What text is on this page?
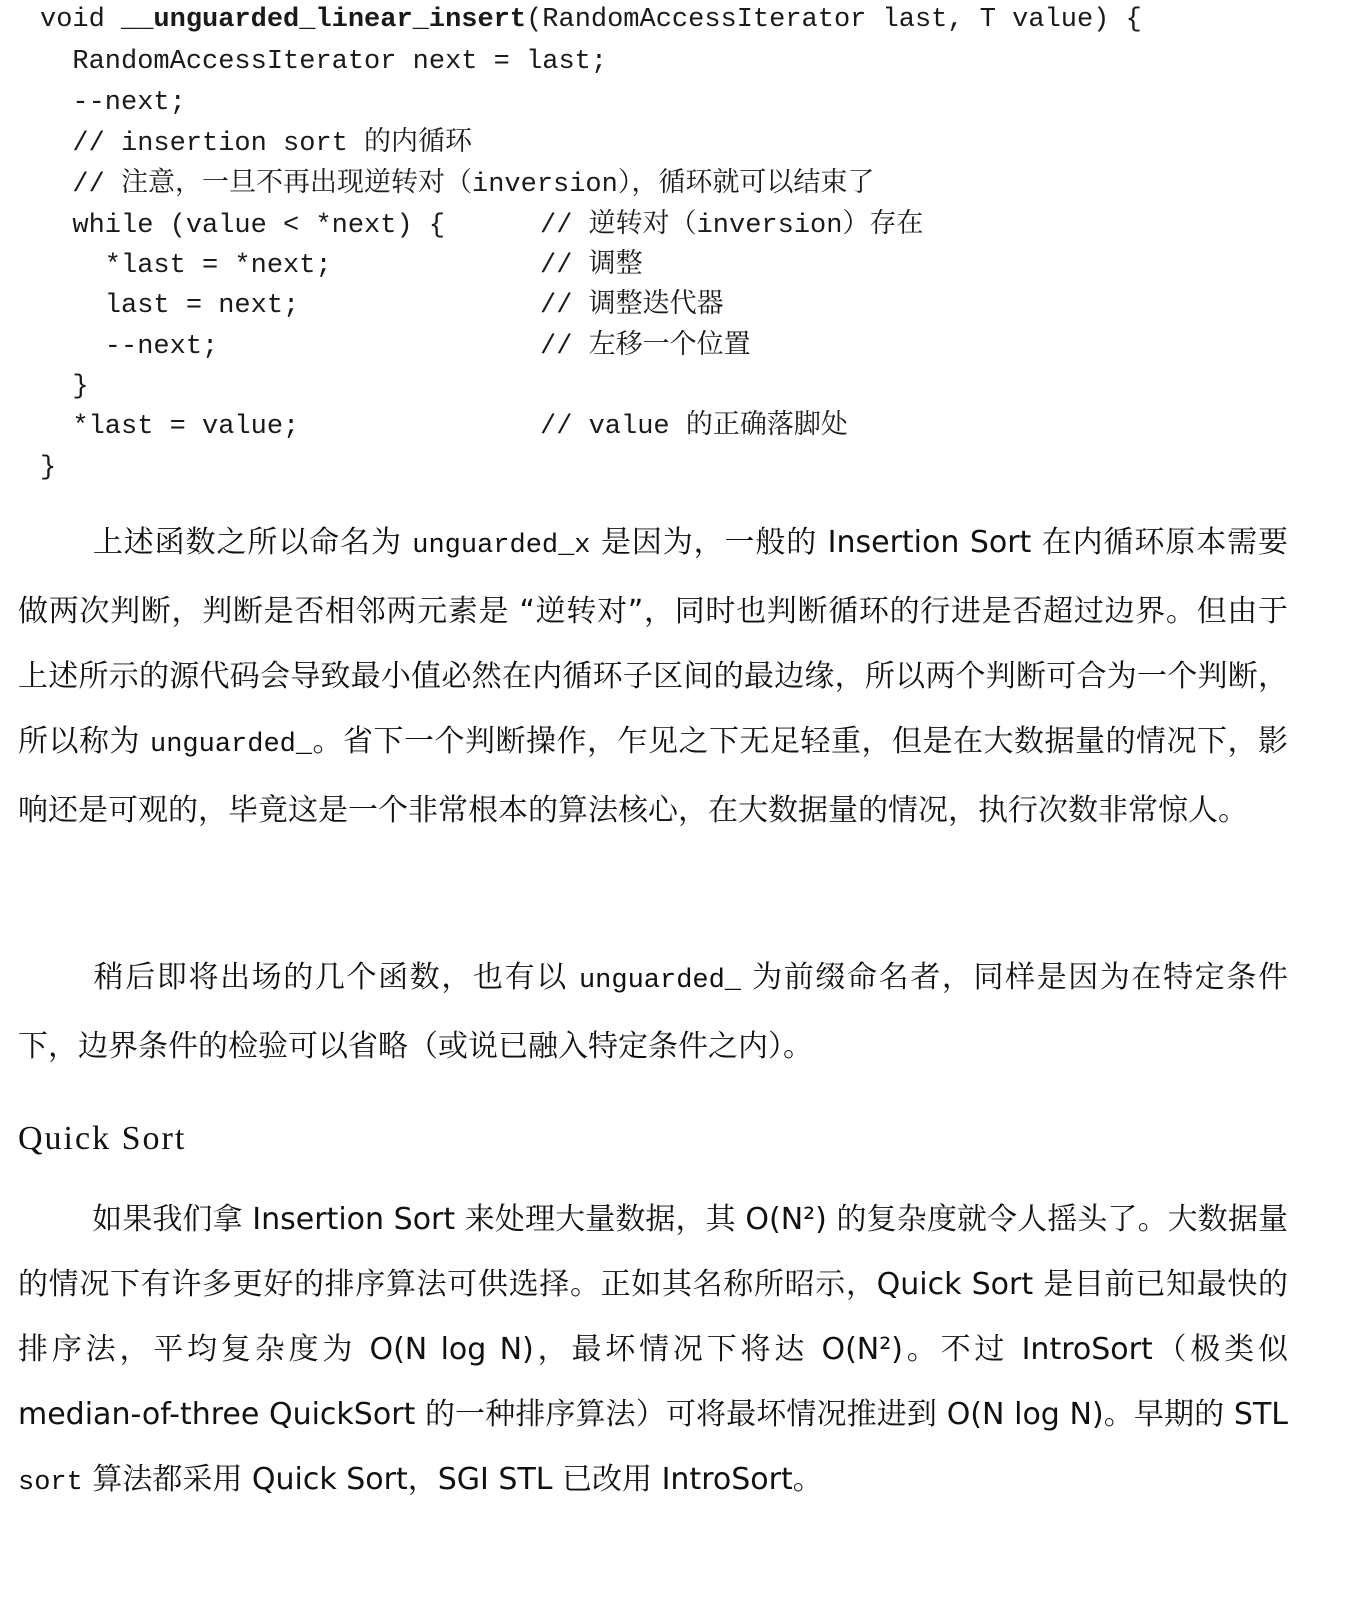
void __unguarded_linear_insert(RandomAccessIterator last, T value) {
RandomAccessIterator next = last;
--next;
// insertion sort 的内循环
// 注意，一旦不再出现逆转对（inversion），循环就可以结束了
while (value < *next) {	// 逆转对（inversion）存在
*last = *next;	// 调整
last = next;	// 调整迭代器
--next;	// 左移一个位置
}
*last = value;	// value 的正确落脚处
}
上述函数之所以命名为 unguarded_x 是因为，一般的 Insertion Sort 在内循环原本需要做两次判断，判断是否相邻两元素是 “逆转对”，同时也判断循环的行进是否超过边界。但由于上述所示的源代码会导致最小值必然在内循环子区间的最边缘，所以两个判断可合为一个判断，所以称为 unguarded_。省下一个判断操作，乍见之下无足轻重，但是在大数据量的情况下，影响还是可观的，毕竟这是一个非常根本的算法核心，在大数据量的情况，执行次数非常惊人。
稍后即将出场的几个函数，也有以 unguarded_ 为前缀命名者，同样是因为在特定条件下，边界条件的检验可以省略（或说已融入特定条件之内）。
Quick Sort
如果我们拿 Insertion Sort 来处理大量数据，其 O(N²) 的复杂度就令人摇头了。大数据量的情况下有许多更好的排序算法可供选择。正如其名称所昭示，Quick Sort 是目前已知最快的排序法，平均复杂度为 O(N log N)，最坏情况下将达 O(N²)。不过 IntroSort（极类似 median-of-three QuickSort 的一种排序算法）可将最坏情况推进到 O(N log N)。早期的 STL sort 算法都采用 Quick Sort，SGI STL 已改用 IntroSort。
